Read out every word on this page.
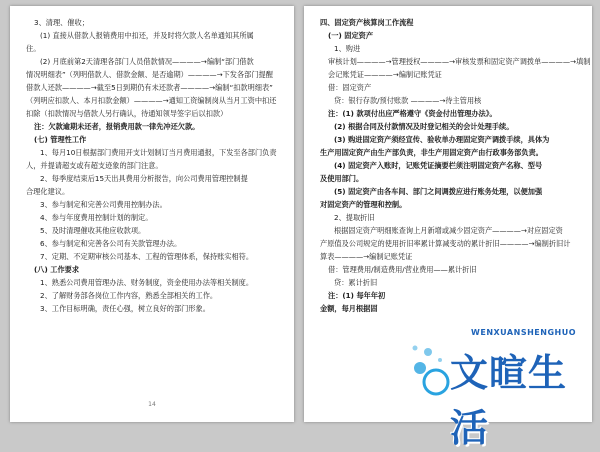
3、清理、催收；
(1) 直接从借款人报销费用中扣还，并及时将欠款人名单通知其所属
住。
(2) 月底前第2天清理各部门人员借款情况————→编制“部门借款
情况明细表”（列明借款人、借款金额、是否逾期）————→下发各部门提醒
借款人还款————→截至5日到期仍有未还款者————→编制“扣款明细表”
（列明应扣款人、本月扣款金额）————→通知工资编制岗从当月工资中扣还
扣除（扣款情况与借款人另行确认，待通知领导签字后以扣款）
注：欠款逾期未还者，报销费用款一律先冲还欠款。
(七) 管理性工作
1、每月10日根据部门费用开支计划制订当月费用通报，下发至各部门负责
人，并提请超支或有超支迹象的部门注意。
2、每季度结束后15天出具费用分析报告，向公司费用管理控制提
合理化建议。
3、参与制定和完善公司费用控制办法。
4、参与年度费用控制计划的制定。
5、及时清理催收其他应收款项。
6、参与制定和完善各公司有关款管理办法。
7、定期、不定期审核公司基本、工程的管理体系，保持账实相符。
(八) 工作要求
1、熟悉公司费用管理办法、财务制度，资金使用办法等相关制度。
2、了解财务部各岗位工作内容，熟悉全部相关的工作。
3、工作目标明确，责任心强，树立良好的部门形象。
14
四、固定资产核算岗工作流程
(一) 固定资产
1、购进
审核计划————→管理授权————→审核发票和固定资产调拨单————→填制
会记账凭证————→编制记账凭证
借：固定资产
贷：银行存款/预付账款 ————→待主管用核
注：(1) 款项付出应严格遵守《资金付出管理办法》。
(2) 根据合同及付款情况及时登记相关的会计处理手续。
(3) 购进固定资产须经宣传、验收单办理固定资产调拨手续，具体为
生产用固定资产由生产部负责，非生产用固定资产由行政事务部负责。
(4) 固定资产入账时，记账凭证摘要栏须注明固定资产名称、型号
及使用部门。
(5) 固定资产由各车间、部门之间调拨应进行账务处理，以便加强
对固定资产的管理和控制。
2、提取折旧
根据固定资产明细账查询上月新增或减少固定资产————→对应固定资
产原值及公司规定的使用折旧率累计算减变动的累计折旧————→编制折旧计
算表————→编制记账凭证
借：管理费用/制造费用/营业费用——累计折旧
贷：累计折旧
注：(1) 每年年初
金额，每月根据固
WENXUANSHENGHUO
文暄生活
